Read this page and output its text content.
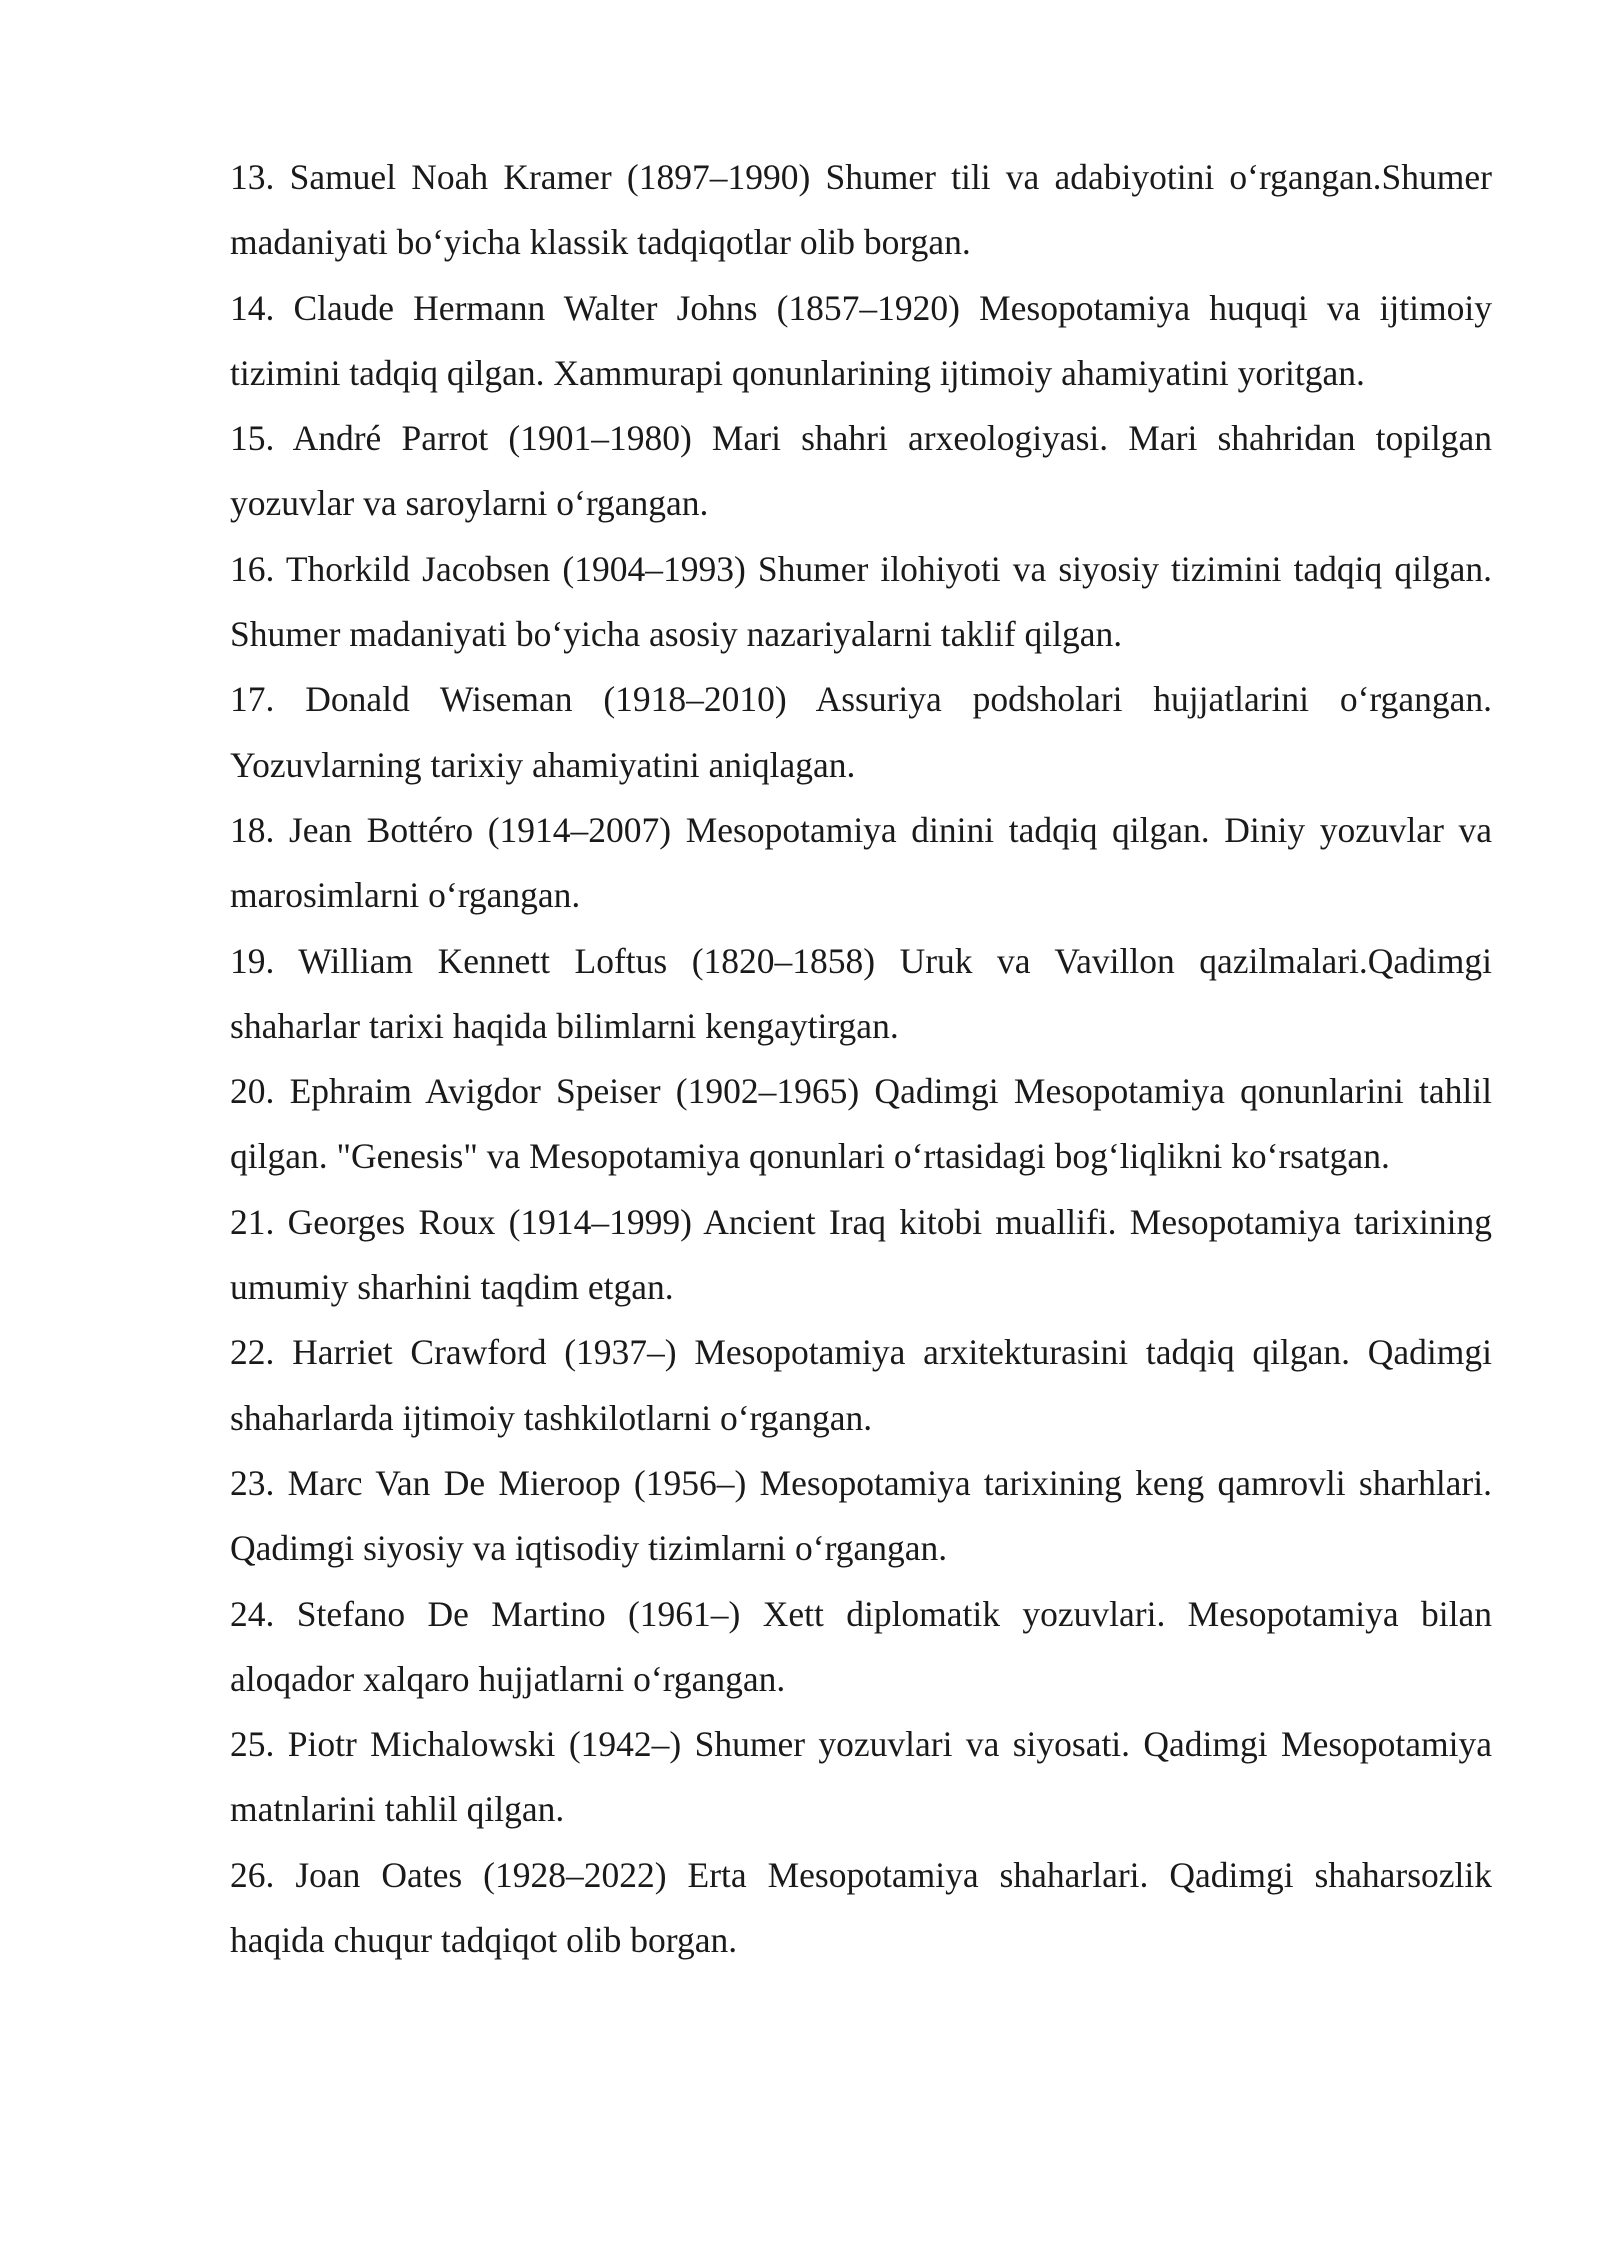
13. Samuel Noah Kramer (1897–1990) Shumer tili va adabiyotini o‘rgangan.Shumer madaniyati bo‘yicha klassik tadqiqotlar olib borgan.

14. Claude Hermann Walter Johns (1857–1920) Mesopotamiya huquqi va ijtimoiy tizimini tadqiq qilgan. Xammurapi qonunlarining ijtimoiy ahamiyatini yoritgan.

15. André Parrot (1901–1980) Mari shahri arxeologiyasi. Mari shahridan topilgan yozuvlar va saroylarni o‘rgangan.

16. Thorkild Jacobsen (1904–1993) Shumer ilohiyoti va siyosiy tizimini tadqiq qilgan. Shumer madaniyati bo‘yicha asosiy nazariyalarni taklif qilgan.

17. Donald Wiseman (1918–2010) Assuriya podsholari hujjatlarini o‘rgangan. Yozuvlarning tarixiy ahamiyatini aniqlagan.

18. Jean Bottéro (1914–2007) Mesopotamiya dinini tadqiq qilgan. Diniy yozuvlar va marosimlarni o‘rgangan.

19. William Kennett Loftus (1820–1858) Uruk va Vavillon qazilmalari.Qadimgi shaharlar tarixi haqida bilimlarni kengaytirgan.

20. Ephraim Avigdor Speiser (1902–1965) Qadimgi Mesopotamiya qonunlarini tahlil qilgan. "Genesis" va Mesopotamiya qonunlari o‘rtasidagi bog‘liqlikni ko‘rsatgan.

21. Georges Roux (1914–1999) Ancient Iraq kitobi muallifi. Mesopotamiya tarixining umumiy sharhini taqdim etgan.

22. Harriet Crawford (1937–) Mesopotamiya arxitekturasini tadqiq qilgan. Qadimgi shaharlarda ijtimoiy tashkilotlarni o‘rgangan.

23. Marc Van De Mieroop (1956–) Mesopotamiya tarixining keng qamrovli sharhlari. Qadimgi siyosiy va iqtisodiy tizimlarni o‘rgangan.

24. Stefano De Martino (1961–) Xett diplomatik yozuvlari. Mesopotamiya bilan aloqador xalqaro hujjatlarni o‘rgangan.

25. Piotr Michalowski (1942–) Shumer yozuvlari va siyosati. Qadimgi Mesopotamiya matnlarini tahlil qilgan.

26. Joan Oates (1928–2022) Erta Mesopotamiya shaharlari. Qadimgi shaharsozlik haqida chuqur tadqiqot olib borgan.
